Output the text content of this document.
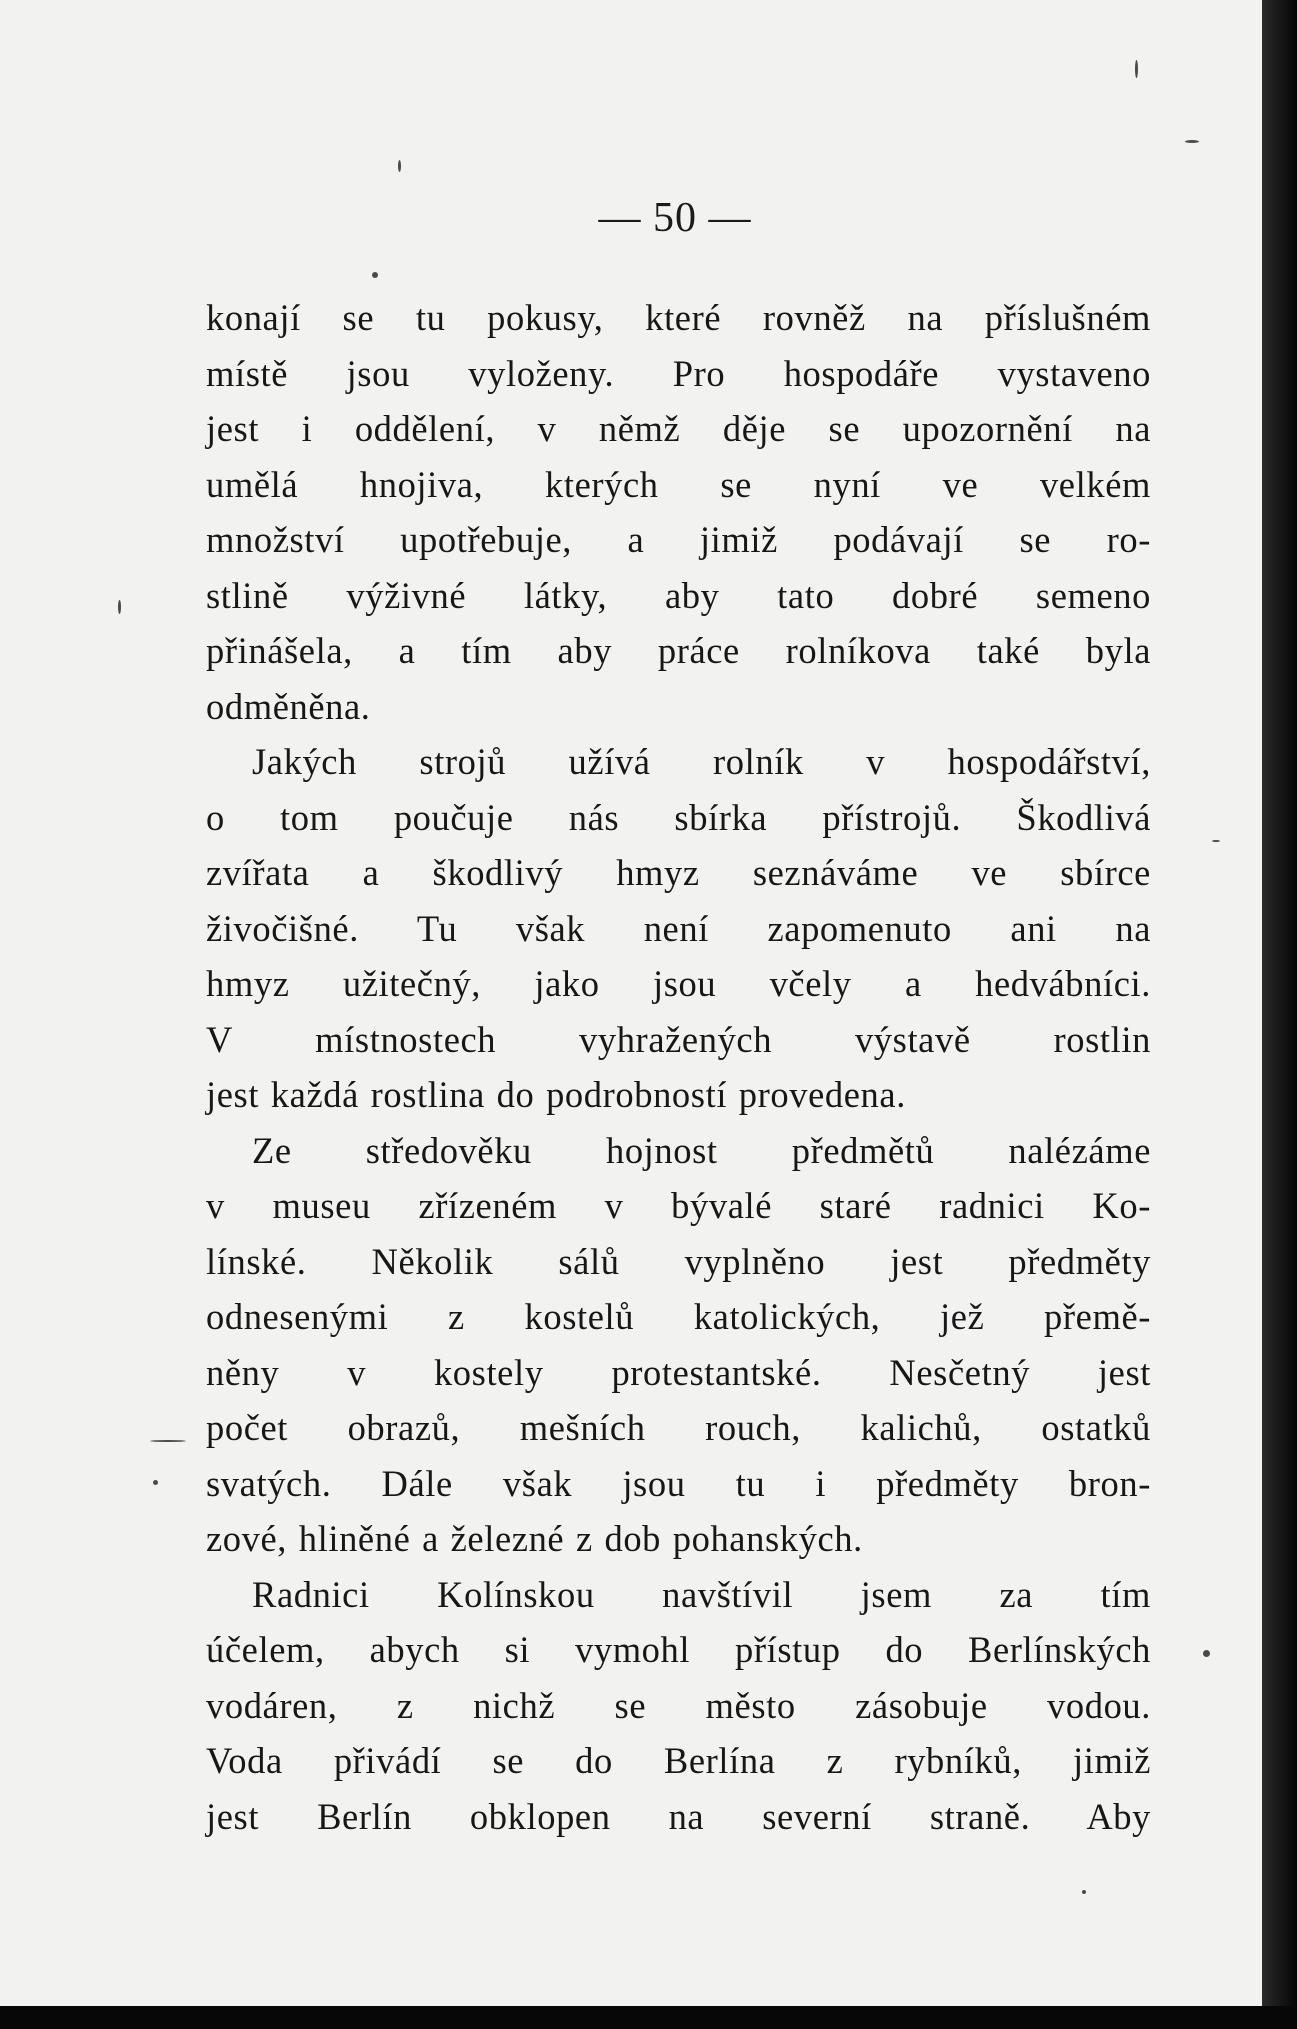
— 50 —
konají se tu pokusy, které rovněž na příslušném
místě jsou vyloženy. Pro hospodáře vystaveno
jest i oddělení, v němž děje se upozornění na
umělá hnojiva, kterých se nyní ve velkém
množství upotřebuje, a jimiž podávají se ro-
stlině výživné látky, aby tato dobré semeno
přinášela, a tím aby práce rolníkova také byla
odměněna.
Jakých strojů užívá rolník v hospodářství,
o tom poučuje nás sbírka přístrojů. Škodlivá
zvířata a škodlivý hmyz seznáváme ve sbírce
živočišné. Tu však není zapomenuto ani na
hmyz užitečný, jako jsou včely a hedvábníci.
V místnostech vyhražených výstavě rostlin
jest každá rostlina do podrobností provedena.
Ze středověku hojnost předmětů nalézáme
v museu zřízeném v bývalé staré radnici Ko-
línské. Několik sálů vyplněno jest předměty
odnesenými z kostelů katolických, jež přemě-
něny v kostely protestantské. Nesčetný jest
počet obrazů, mešních rouch, kalichů, ostatků
svatých. Dále však jsou tu i předměty bron-
zové, hliněné a železné z dob pohanských.
Radnici Kolínskou navštívil jsem za tím
účelem, abych si vymohl přístup do Berlínských
vodáren, z nichž se město zásobuje vodou.
Voda přivádí se do Berlína z rybníků, jimiž
jest Berlín obklopen na severní straně. Aby
